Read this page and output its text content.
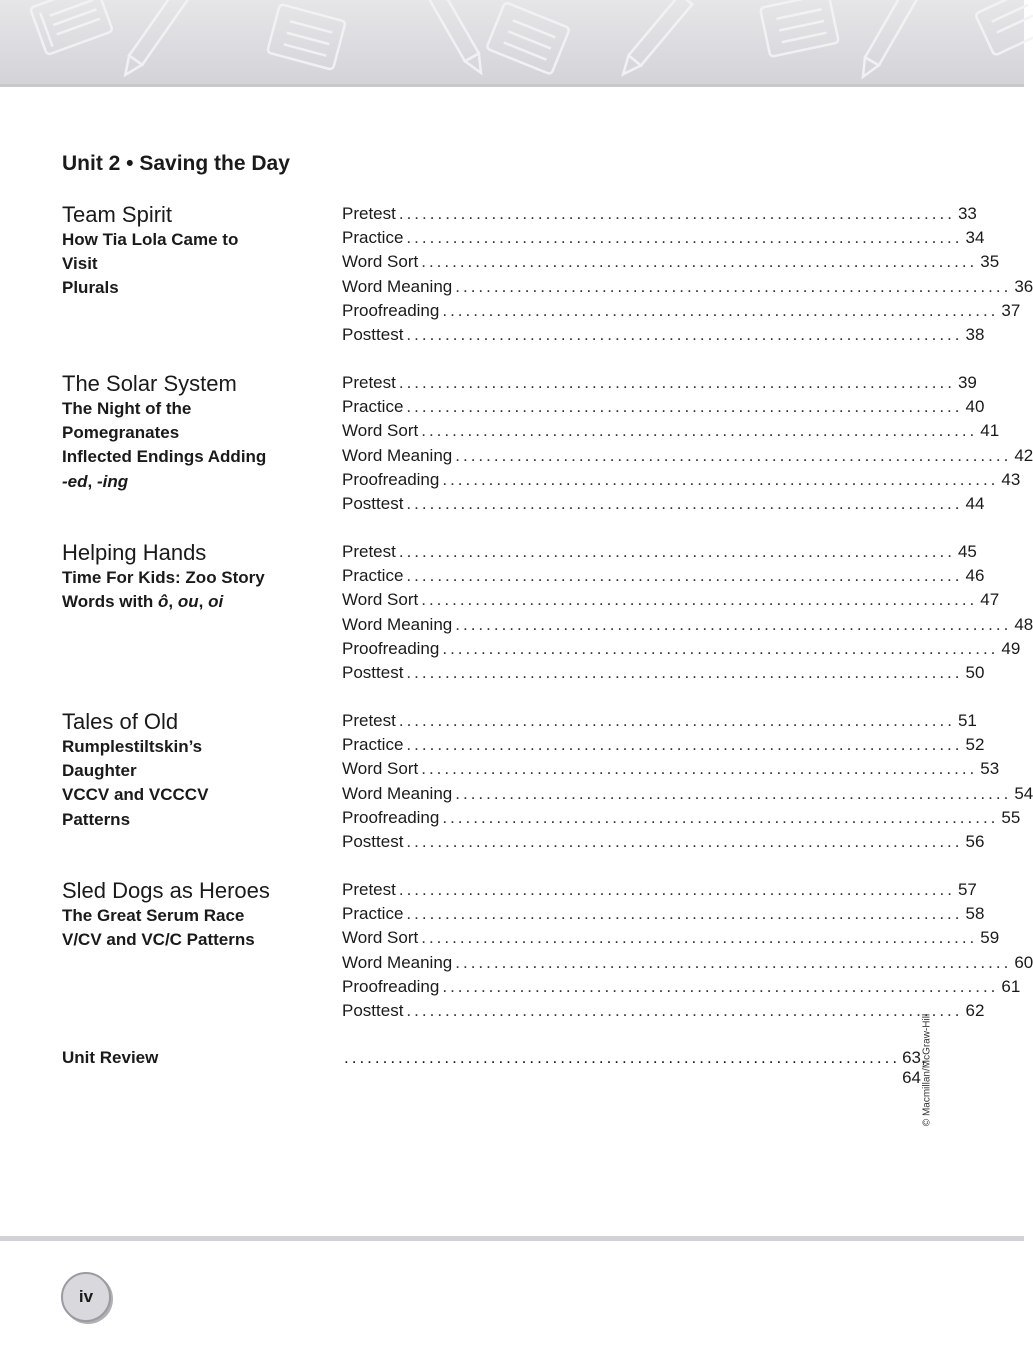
Unit 2 • Saving the Day
Team Spirit
How Tia Lola Came to
Visit
Plurals
Pretest ........................................................................ 33
Practice ........................................................................ 34
Word Sort ........................................................................ 35
Word Meaning ........................................................................ 36
Proofreading ........................................................................ 37
Posttest ........................................................................ 38
The Solar System
The Night of the
Pomegranates
Inflected Endings Adding
-ed, -ing
Pretest ........................................................................ 39
Practice ........................................................................ 40
Word Sort ........................................................................ 41
Word Meaning ........................................................................ 42
Proofreading ........................................................................ 43
Posttest ........................................................................ 44
Helping Hands
Time For Kids: Zoo Story
Words with ô, ou, oi
Pretest ........................................................................ 45
Practice ........................................................................ 46
Word Sort ........................................................................ 47
Word Meaning ........................................................................ 48
Proofreading ........................................................................ 49
Posttest ........................................................................ 50
Tales of Old
Rumplestiltskin’s
Daughter
VCCV and VCCCV
Patterns
Pretest ........................................................................ 51
Practice ........................................................................ 52
Word Sort ........................................................................ 53
Word Meaning ........................................................................ 54
Proofreading ........................................................................ 55
Posttest ........................................................................ 56
Sled Dogs as Heroes
The Great Serum Race
V/CV and VC/C Patterns
Pretest ........................................................................ 57
Practice ........................................................................ 58
Word Sort ........................................................................ 59
Word Meaning ........................................................................ 60
Proofreading ........................................................................ 61
Posttest ........................................................................ 62
Unit Review	........................................................................ 63, 64 © Macmillan/McGraw-Hill
iv
